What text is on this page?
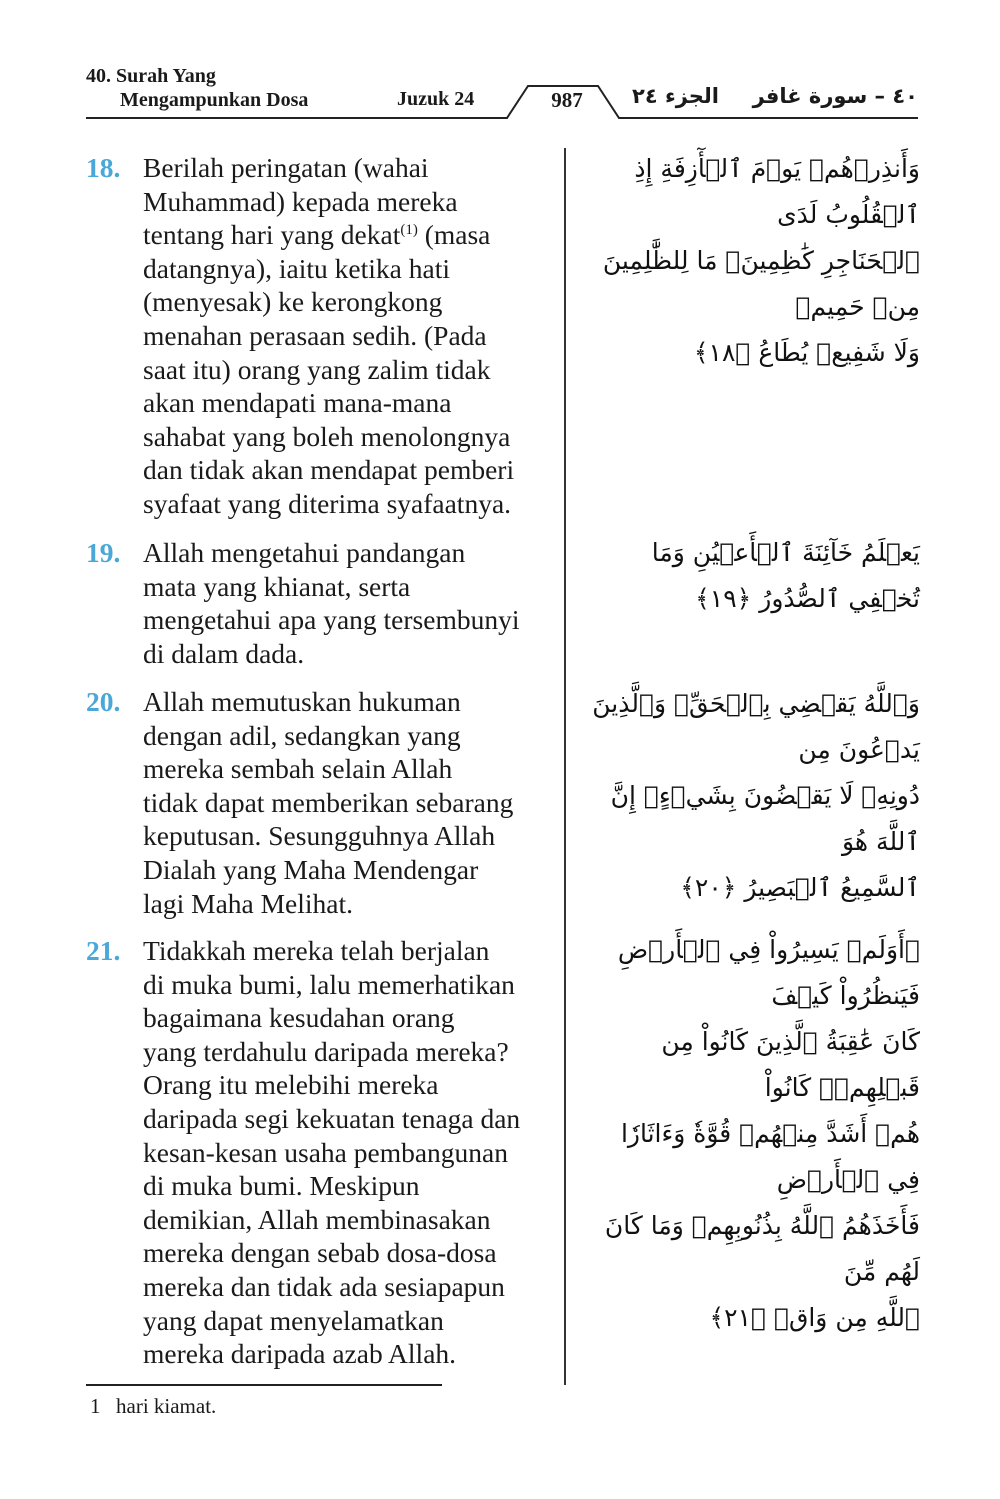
40. Surah Yang
Mengampunkan Dosa	Juzuk 24	987	الجزء ٢٤ ٤٠ – سورة غافر
18. Berilah peringatan (wahai
Muhammad) kepada mereka
tentang hari yang dekat$^{(1)}$ (masa
datangnya), iaitu ketika hati
(menyesak) ke kerongkong
menahan perasaan sedih. (Pada
saat itu) orang yang zalim tidak
akan mendapati mana-mana
sahabat yang boleh menolongnya
dan tidak akan mendapat pemberi
syafaat yang diterima syafaatnya.
19. Allah mengetahui pandangan
mata yang khianat, serta
mengetahui apa yang tersembunyi
di dalam dada.
20. Allah memutuskan hukuman
dengan adil, sedangkan yang
mereka sembah selain Allah
tidak dapat memberikan sebarang
keputusan. Sesungguhnya Allah
Dialah yang Maha Mendengar
lagi Maha Melihat.
21. Tidakkah mereka telah berjalan
di muka bumi, lalu memerhatikan
bagaimana kesudahan orang
yang terdahulu daripada mereka?
Orang itu melebihi mereka
daripada segi kekuatan tenaga dan
kesan-kesan usaha pembangunan
di muka bumi. Meskipun
demikian, Allah membinasakan
mereka dengan sebab dosa-dosa
mereka dan tidak ada sesiapapun
yang dapat menyelamatkan
mereka daripada azab Allah.
وَأَنذِرۡهُمۡ يَوۡمَ ٱلۡأٓزِفَةِ إِذِ ٱلۡقُلُوبُ لَدَى
ٱلۡحَنَاجِرِ كَٰظِمِينَۚ مَا لِلظَّٰلِمِينَ مِنۡ حَمِيمٖ
وَلَا شَفِيعٖ يُطَاعُ ﴿١٨﴾
يَعۡلَمُ خَآئِنَةَ ٱلۡأَعۡيُنِ وَمَا تُخۡفِي ٱلصُّدُورُ ﴿١٩﴾
وَٱللَّهُ يَقۡضِي بِٱلۡحَقِّۖ وَٱلَّذِينَ يَدۡعُونَ مِن
دُونِهِۦ لَا يَقۡضُونَ بِشَيۡءٍۗ إِنَّ ٱللَّهَ هُوَ
ٱلسَّمِيعُ ٱلۡبَصِيرُ ﴿٢٠﴾
۞أَوَلَمۡ يَسِيرُواْ فِي ٱلۡأَرۡضِ فَيَنظُرُواْ كَيۡفَ
كَانَ عَٰقِبَةُ ٱلَّذِينَ كَانُواْ مِن قَبۡلِهِمۡۚ كَانُواْ
هُمۡ أَشَدَّ مِنۡهُمۡ قُوَّةٗ وَءَاثَارٗا فِي ٱلۡأَرۡضِ
فَأَخَذَهُمُ ٱللَّهُ بِذُنُوبِهِمۡ وَمَا كَانَ لَهُم مِّنَ
ٱللَّهِ مِن وَاقٖ ﴿٢١﴾
1 hari kiamat.
